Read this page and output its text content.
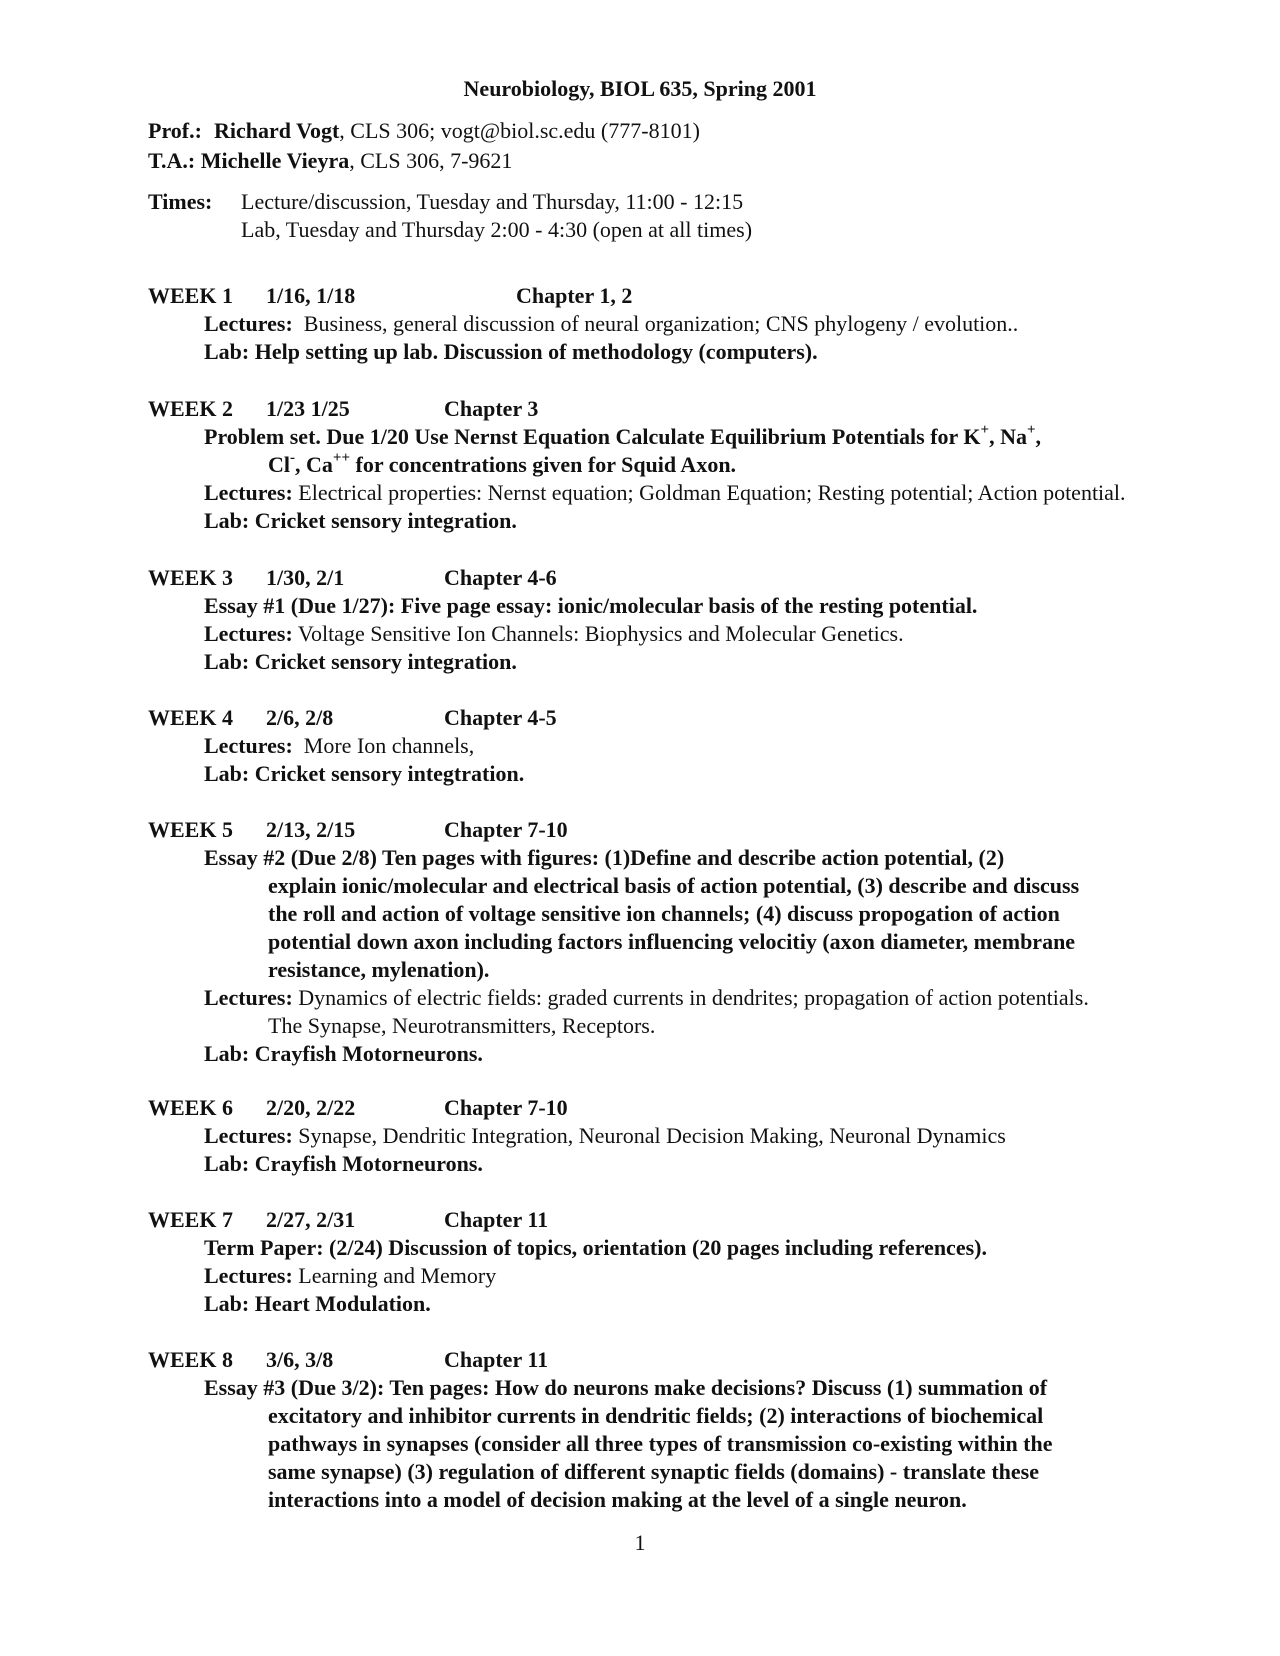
Neurobiology, BIOL 635, Spring 2001
Prof.: Richard Vogt, CLS 306; vogt@biol.sc.edu (777-8101)
T.A.: Michelle Vieyra, CLS 306, 7-9621
Times: Lecture/discussion, Tuesday and Thursday, 11:00 - 12:15
Lab, Tuesday and Thursday 2:00 - 4:30 (open at all times)
WEEK 1 1/16, 1/18	Chapter 1, 2
Lectures: Business, general discussion of neural organization; CNS phylogeny / evolution..
Lab: Help setting up lab. Discussion of methodology (computers).
WEEK 2 1/23 1/25	Chapter 3
Problem set. Due 1/20 Use Nernst Equation Calculate Equilibrium Potentials for K+, Na+,
Cl-, Ca++ for concentrations given for Squid Axon.
Lectures: Electrical properties: Nernst equation; Goldman Equation; Resting potential; Action potential.
Lab: Cricket sensory integration.
WEEK 3 1/30, 2/1	Chapter 4-6
Essay #1 (Due 1/27): Five page essay: ionic/molecular basis of the resting potential.
Lectures: Voltage Sensitive Ion Channels: Biophysics and Molecular Genetics.
Lab: Cricket sensory integration.
WEEK 4 2/6, 2/8	Chapter 4-5
Lectures: More Ion channels,
Lab: Cricket sensory integtration.
WEEK 5 2/13, 2/15	Chapter 7-10
Essay #2 (Due 2/8) Ten pages with figures: (1)Define and describe action potential, (2)
explain ionic/molecular and electrical basis of action potential, (3) describe and discuss
the roll and action of voltage sensitive ion channels; (4) discuss propogation of action
potential down axon including factors influencing velocitiy (axon diameter, membrane
resistance, mylenation).
Lectures: Dynamics of electric fields: graded currents in dendrites; propagation of action potentials.
The Synapse, Neurotransmitters, Receptors.
Lab: Crayfish Motorneurons.
WEEK 6 2/20, 2/22	Chapter 7-10
Lectures: Synapse, Dendritic Integration, Neuronal Decision Making, Neuronal Dynamics
Lab: Crayfish Motorneurons.
WEEK 7 2/27, 2/31	Chapter 11
Term Paper: (2/24) Discussion of topics, orientation (20 pages including references).
Lectures: Learning and Memory
Lab: Heart Modulation.
WEEK 8 3/6, 3/8	Chapter 11
Essay #3 (Due 3/2): Ten pages: How do neurons make decisions? Discuss (1) summation of
excitatory and inhibitor currents in dendritic fields; (2) interactions of biochemical
pathways in synapses (consider all three types of transmission co-existing within the
same synapse) (3) regulation of different synaptic fields (domains) - translate these
interactions into a model of decision making at the level of a single neuron.
1
